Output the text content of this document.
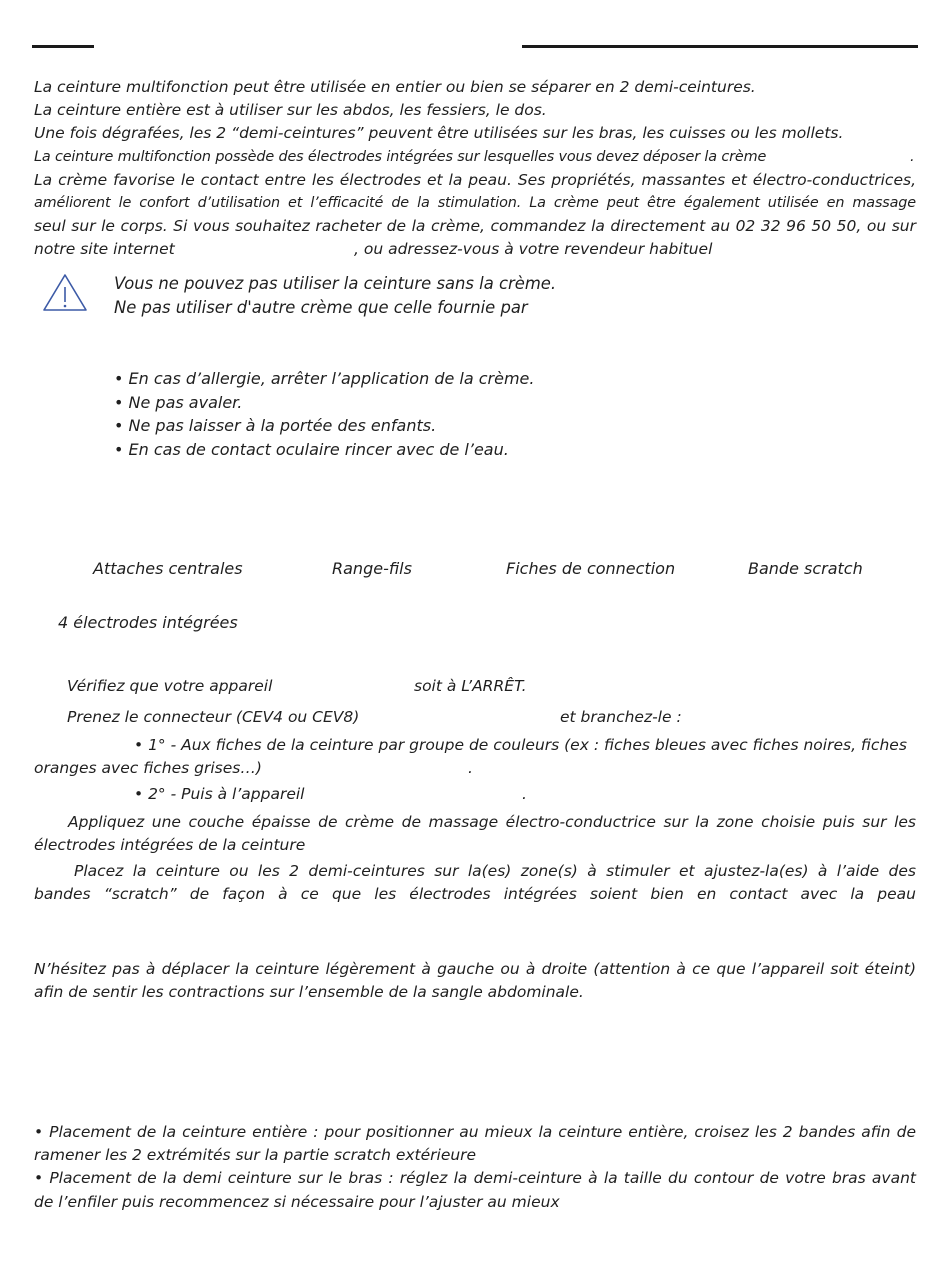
La ceinture multifonction peut être utilisée en entier ou bien se séparer en 2 demi-ceintures.
La ceinture entière est à utiliser sur les abdos, les fessiers, le dos.
Une fois dégrafées, les 2 “demi-ceintures” peuvent être utilisées sur les bras, les cuisses ou les mollets.
La ceinture multifonction possède des électrodes intégrées sur lesquelles vous devez déposer la crème	.
La crème favorise le contact entre les électrodes et la peau. Ses propriétés, massantes et électro-conductrices,
améliorent le confort d’utilisation et l’efficacité de la stimulation. La crème peut être également utilisée en massage
seul sur le corps. Si vous souhaitez racheter de la crème, commandez la directement au 02 32 96 50 50, ou sur
notre site internet	, ou adressez-vous à votre revendeur habituel
Vous ne pouvez pas utiliser la ceinture sans la crème.
Ne pas utiliser d'autre crème que celle fournie par
• En cas d’allergie, arrêter l’application de la crème.
• Ne pas avaler.
• Ne pas laisser à la portée des enfants.
• En cas de contact oculaire rincer avec de l’eau.
Attaches centrales	Range-fils	Fiches de connection	Bande scratch
4 électrodes intégrées
Vérifiez que votre appareil	soit à L’ARRÊT.
Prenez le connecteur (CEV4 ou CEV8)	et branchez-le :
• 1° - Aux fiches de la ceinture par groupe de couleurs (ex : fiches bleues avec fiches noires, fiches
oranges avec fiches grises…)	.
• 2° - Puis à l’appareil	.
Appliquez une couche épaisse de crème de massage électro-conductrice sur la zone choisie puis sur les
électrodes intégrées de la ceinture
Placez la ceinture ou les 2 demi-ceintures sur la(es) zone(s) à stimuler et ajustez-la(es) à l’aide des
bandes “scratch” de façon à ce que les électrodes intégrées soient bien en contact avec la peau
N’hésitez pas à déplacer la ceinture légèrement à gauche ou à droite (attention à ce que l’appareil soit éteint)
afin de sentir les contractions sur l’ensemble de la sangle abdominale.
• Placement de la ceinture entière : pour positionner au mieux la ceinture entière, croisez les 2 bandes afin de
ramener les 2 extrémités sur la partie scratch extérieure
• Placement de la demi ceinture sur le bras : réglez la demi-ceinture à la taille du contour de votre bras avant
de l’enfiler puis recommencez si nécessaire pour l’ajuster au mieux
